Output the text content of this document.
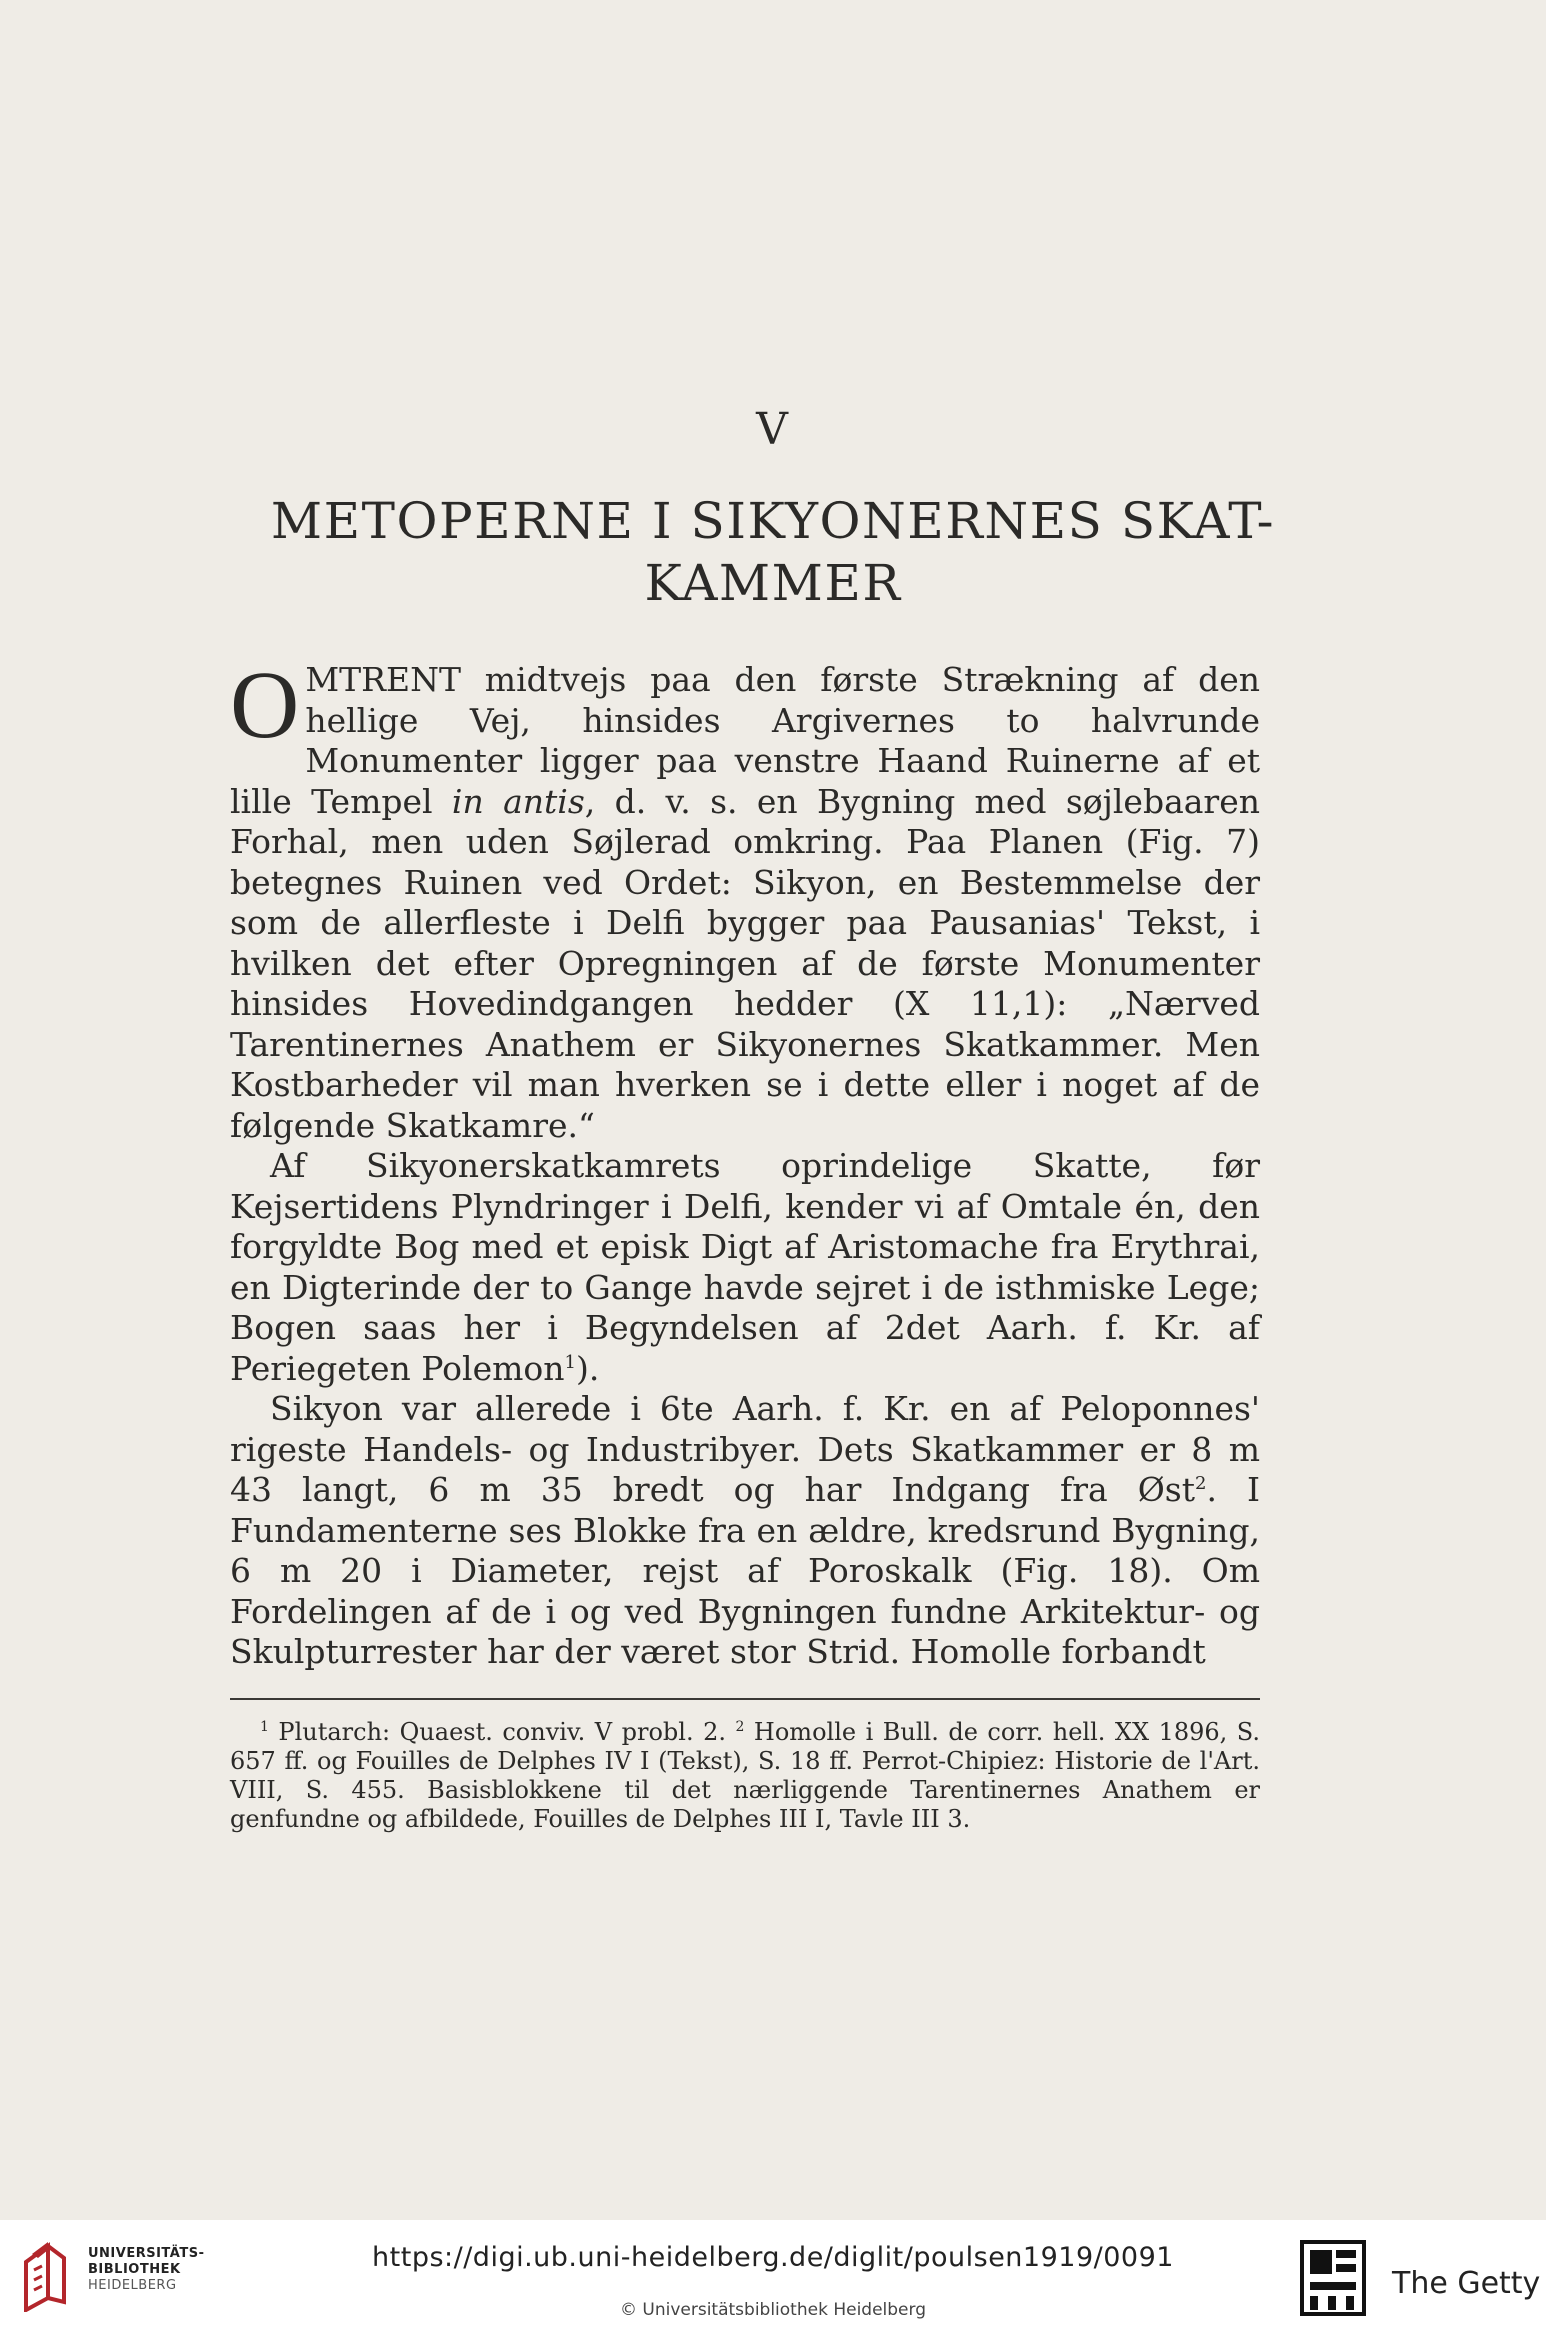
V
METOPERNE I SIKYONERNES SKAT-
KAMMER

OMTRENT midtvejs paa den første Strækning af den hellige Vej, hinsides Argivernes to halvrunde Monumenter ligger paa venstre Haand Ruinerne af et lille Tempel in antis, d. v. s. en Bygning med søjlebaaren Forhal, men uden Søjlerad omkring. Paa Planen (Fig. 7) betegnes Ruinen ved Ordet: Sikyon, en Bestemmelse der som de allerfleste i Delfi bygger paa Pausanias' Tekst, i hvilken det efter Opregningen af de første Monumenter hinsides Hovedindgangen hedder (X 11,1): „Nærved Tarentinernes Anathem er Sikyonernes Skatkammer. Men Kostbarheder vil man hverken se i dette eller i noget af de følgende Skatkamre.“

Af Sikyonerskatkamrets oprindelige Skatte, før Kejsertidens Plyndringer i Delfi, kender vi af Omtale én, den forgyldte Bog med et episk Digt af Aristomache fra Erythrai, en Digterinde der to Gange havde sejret i de isthmiske Lege; Bogen saas her i Begyndelsen af 2det Aarh. f. Kr. af Periegeten Polemon$^1$).

Sikyon var allerede i 6te Aarh. f. Kr. en af Peloponnes' rigeste Handels- og Industribyer. Dets Skatkammer er 8 m 43 langt, 6 m 35 bredt og har Indgang fra Øst$^2$. I Fundamenterne ses Blokke fra en ældre, kredsrund Bygning, 6 m 20 i Diameter, rejst af Poroskalk (Fig. 18). Om Fordelingen af de i og ved Bygningen fundne Arkitektur- og Skulpturrester har der været stor Strid. Homolle forbandt

$^1$ Plutarch: Quaest. conviv. V probl. 2. $^2$ Homolle i Bull. de corr. hell. XX 1896, S. 657 ff. og Fouilles de Delphes IV I (Tekst), S. 18 ff. Perrot-Chipiez: Historie de l'Art. VIII, S. 455. Basisblokkene til det nærliggende Tarentinernes Anathem er genfundne og afbildede, Fouilles de Delphes III I, Tavle III 3.
UNIVERSITÄTS-
BIBLIOTHEK
HEIDELBERG
https://digi.ub.uni-heidelberg.de/diglit/poulsen1919/0091
© Universitätsbibliothek Heidelberg
The Getty
